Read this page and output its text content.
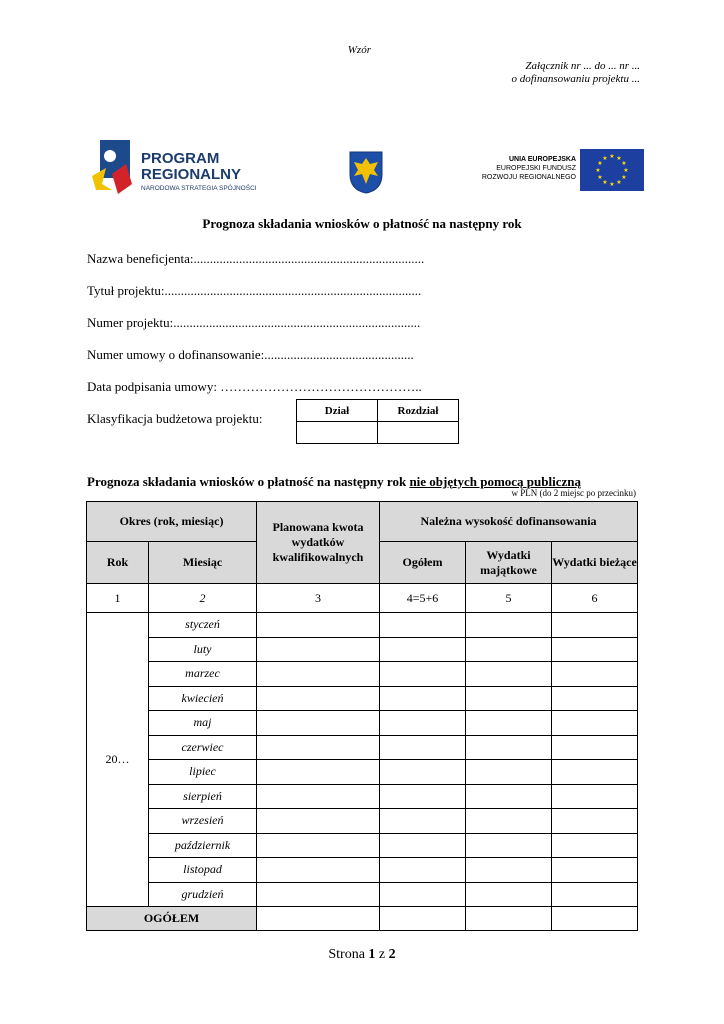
Wzór
Załącznik nr ... do ... nr ...
o dofinansowaniu projektu ...
PROGRAM
REGIONALNY
NARODOWA STRATEGIA SPÓJNOŚCI
UNIA EUROPEJSKA
EUROPEJSKI FUNDUSZ
ROZWOJU REGIONALNEGO
★ ★
★
★
★
★
★
★
★
★
★
★
Prognoza składania wniosków o płatność na następny rok
Nazwa beneficjenta:.......................................................................
Tytuł projektu:...............................................................................
Numer projektu:............................................................................
Numer umowy o dofinansowanie:..............................................
Data podpisania umowy: ………………………………………..
Klasyfikacja budżetowa projektu:
Dział	Rozdział

Prognoza składania wniosków o płatność na następny rok nie objętych pomocą publiczną
w PLN (do 2 miejsc po przecinku)
Okres (rok, miesiąc)		Planowana kwota wydatków kwalifikowalnych	Należna wysokość dofinansowania		
Rok	Miesiąc		Ogółem	Wydatki majątkowe	Wydatki bieżące
1	2	3	4=5+6	5	6
20…	styczeń				
	luty				
	marzec				
	kwiecień				
	maj				
	czerwiec				
	lipiec				
	sierpień				
	wrzesień				
	październik				
	listopad				
	grudzień				
OGÓŁEM					
Strona 1 z 2
